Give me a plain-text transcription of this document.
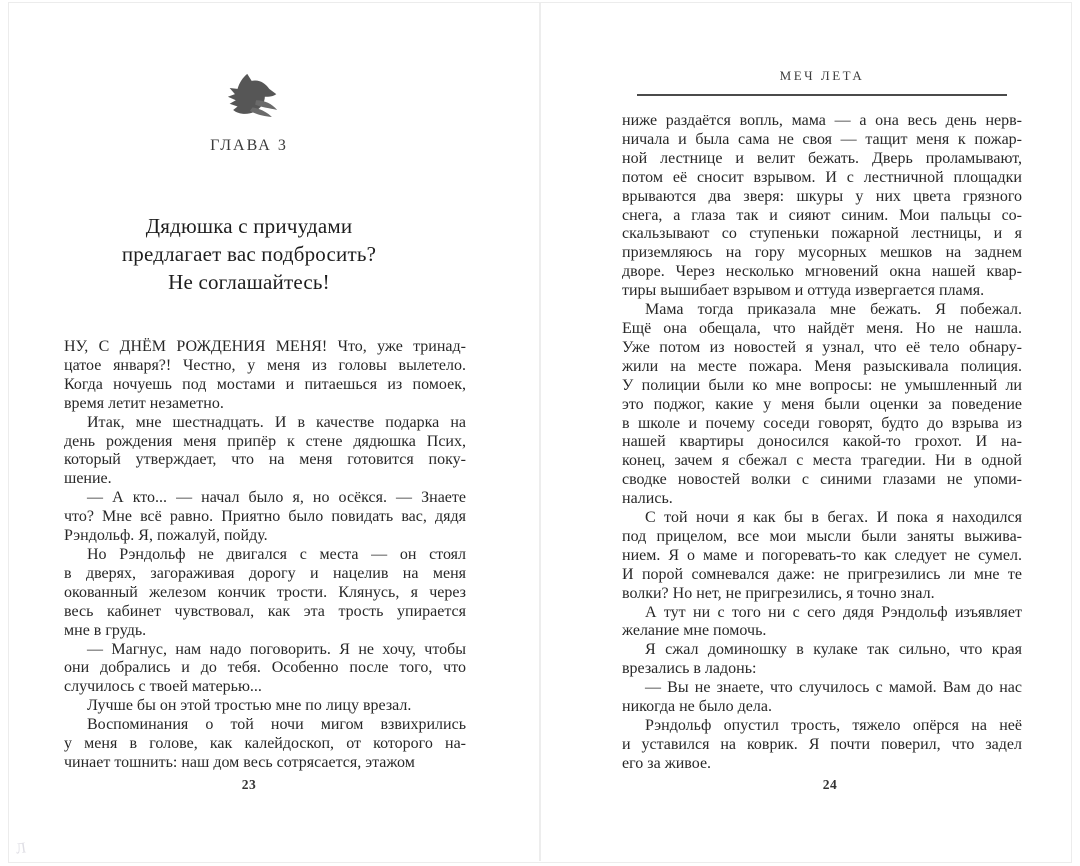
ГЛАВА 3
Дядюшка с причудами
предлагает вас подбросить?
Не соглашайтесь!
НУ, С ДНЁМ РОЖДЕНИЯ МЕНЯ! Что, уже тринад-
цатое января?! Честно, у меня из головы вылетело.
Когда ночуешь под мостами и питаешься из помоек,
время летит незаметно.
Итак, мне шестнадцать. И в качестве подарка на
день рождения меня припёр к стене дядюшка Псих,
который утверждает, что на меня готовится поку-
шение.
— А кто... — начал было я, но осёкся. — Знаете
что? Мне всё равно. Приятно было повидать вас, дядя
Рэндольф. Я, пожалуй, пойду.
Но Рэндольф не двигался с места — он стоял
в дверях, загораживая дорогу и нацелив на меня
окованный железом кончик трости. Клянусь, я через
весь кабинет чувствовал, как эта трость упирается
мне в грудь.
— Магнус, нам надо поговорить. Я не хочу, чтобы
они добрались и до тебя. Особенно после того, что
случилось с твоей матерью...
Лучше бы он этой тростью мне по лицу врезал.
Воспоминания о той ночи мигом взвихрились
у меня в голове, как калейдоскоп, от которого на-
чинает тошнить: наш дом весь сотрясается, этажом
23
МЕЧ ЛЕТА
ниже раздаётся вопль, мама — а она весь день нерв-
ничала и была сама не своя — тащит меня к пожар-
ной лестнице и велит бежать. Дверь проламывают,
потом её сносит взрывом. И с лестничной площадки
врываются два зверя: шкуры у них цвета грязного
снега, а глаза так и сияют синим. Мои пальцы со-
скальзывают со ступеньки пожарной лестницы, и я
приземляюсь на гору мусорных мешков на заднем
дворе. Через несколько мгновений окна нашей квар-
тиры вышибает взрывом и оттуда извергается пламя.
Мама тогда приказала мне бежать. Я побежал.
Ещё она обещала, что найдёт меня. Но не нашла.
Уже потом из новостей я узнал, что её тело обнару-
жили на месте пожара. Меня разыскивала полиция.
У полиции были ко мне вопросы: не умышленный ли
это поджог, какие у меня были оценки за поведение
в школе и почему соседи говорят, будто до взрыва из
нашей квартиры доносился какой-то грохот. И на-
конец, зачем я сбежал с места трагедии. Ни в одной
сводке новостей волки с синими глазами не упоми-
нались.
С той ночи я как бы в бегах. И пока я находился
под прицелом, все мои мысли были заняты выжива-
нием. Я о маме и погоревать-то как следует не сумел.
И порой сомневался даже: не пригрезились ли мне те
волки? Но нет, не пригрезились, я точно знал.
А тут ни с того ни с сего дядя Рэндольф изъявляет
желание мне помочь.
Я сжал доминошку в кулаке так сильно, что края
врезались в ладонь:
— Вы не знаете, что случилось с мамой. Вам до нас
никогда не было дела.
Рэндольф опустил трость, тяжело опёрся на неё
и уставился на коврик. Я почти поверил, что задел
его за живое.
24
Л
